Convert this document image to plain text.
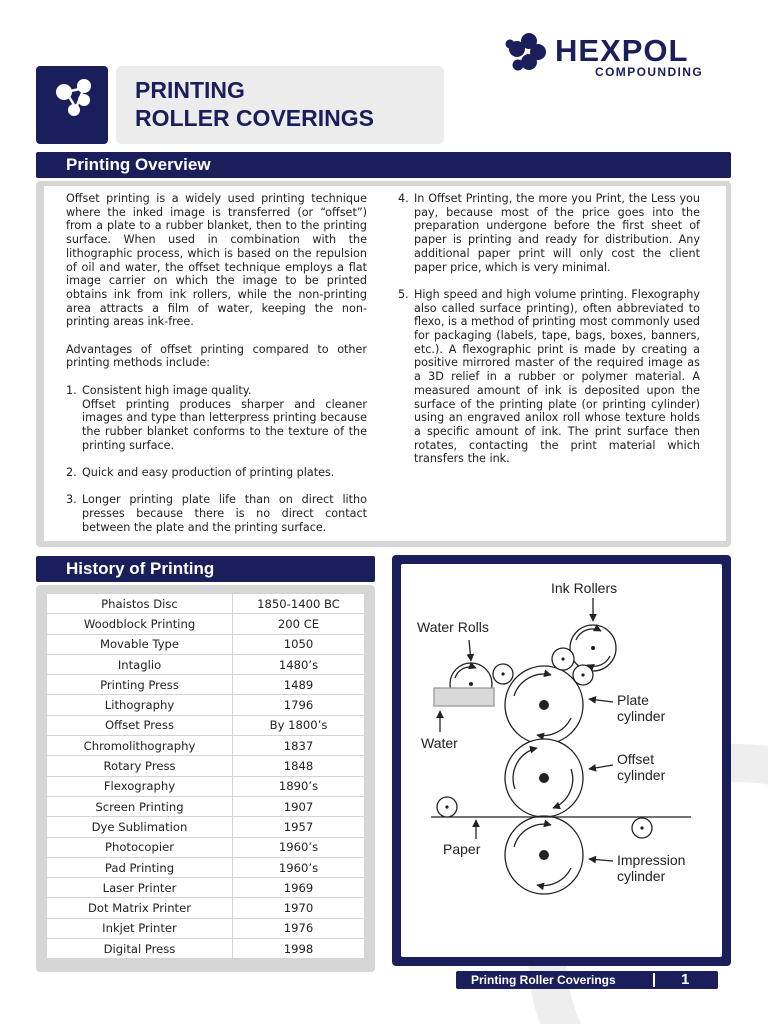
HEXPOL
COMPOUNDING
PRINTING
ROLLER COVERINGS
Printing Overview

Offset printing is a widely used printing technique where the inked image is transferred (or “offset”) from a plate to a rubber blanket, then to the printing surface. When used in combination with the lithographic process, which is based on the repulsion of oil and water, the offset technique employs a flat image carrier on which the image to be printed obtains ink from ink rollers, while the non-printing area attracts a film of water, keeping the non-printing areas ink-free.

Advantages of offset printing compared to other printing methods include:

1. Consistent high image quality.
Offset printing produces sharper and cleaner images and type than letterpress printing because the rubber blanket conforms to the texture of the printing surface.
2. Quick and easy production of printing plates.
3. Longer printing plate life than on direct litho presses because there is no direct contact between the plate and the printing surface.
4. In Offset Printing, the more you Print, the Less you pay, because most of the price goes into the preparation undergone before the first sheet of paper is printing and ready for distribution. Any additional paper print will only cost the client paper price, which is very minimal.
5. High speed and high volume printing. Flexography also called surface printing), often abbreviated to flexo, is a method of printing most commonly used for packaging (labels, tape, bags, boxes, banners, etc.). A flexographic print is made by creating a positive mirrored master of the required image as a 3D relief in a rubber or polymer material. A measured amount of ink is deposited upon the surface of the printing plate (or printing cylinder) using an engraved anilox roll whose texture holds a specific amount of ink. The print surface then rotates, contacting the print material which transfers the ink.
History of Printing
Phaistos Disc	1850-1400 BC
Woodblock Printing	200 CE
Movable Type	1050
Intaglio	1480’s
Printing Press	1489
Lithography	1796
Offset Press	By 1800’s
Chromolithography	1837
Rotary Press	1848
Flexography	1890’s
Screen Printing	1907
Dye Sublimation	1957
Photocopier	1960’s
Pad Printing	1960’s
Laser Printer	1969
Dot Matrix Printer	1970
Inkjet Printer	1976
Digital Press	1998
Ink Rollers
Water Rolls
Water
Plate
cylinder
Offset
cylinder
Paper
Impression
cylinder
Printing Roller Coverings	1
